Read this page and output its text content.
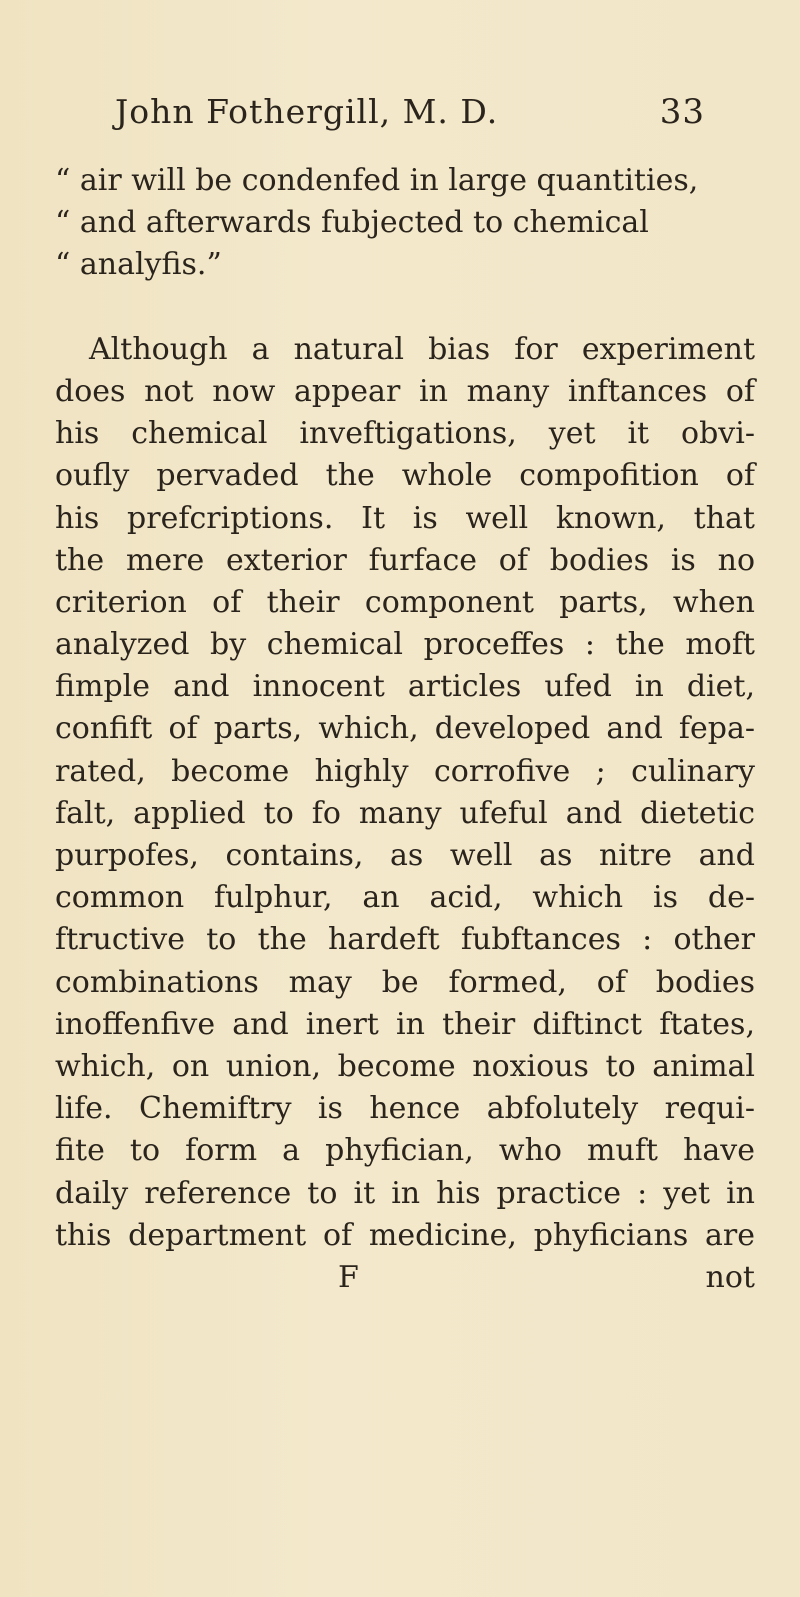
John Fothergill, M. D.	33
“ air will be condenfed in large quantities,
“ and afterwards fubjected to chemical
“ analyfis.”
Although a natural bias for experiment
does not now appear in many inftances of
his chemical inveftigations, yet it obvi-
oufly pervaded the whole compofition of
his prefcriptions. It is well known, that
the mere exterior furface of bodies is no
criterion of their component parts, when
analyzed by chemical proceffes : the moft
fimple and innocent articles ufed in diet,
confift of parts, which, developed and fepa-
rated, become highly corrofive ; culinary
falt, applied to fo many ufeful and dietetic
purpofes, contains, as well as nitre and
common fulphur, an acid, which is de-
ftructive to the hardeft fubftances : other
combinations may be formed, of bodies
inoffenfive and inert in their diftinct ftates,
which, on union, become noxious to animal
life. Chemiftry is hence abfolutely requi-
fite to form a phyfician, who muft have
daily reference to it in his practice : yet in
this department of medicine, phyficians are
F	not
